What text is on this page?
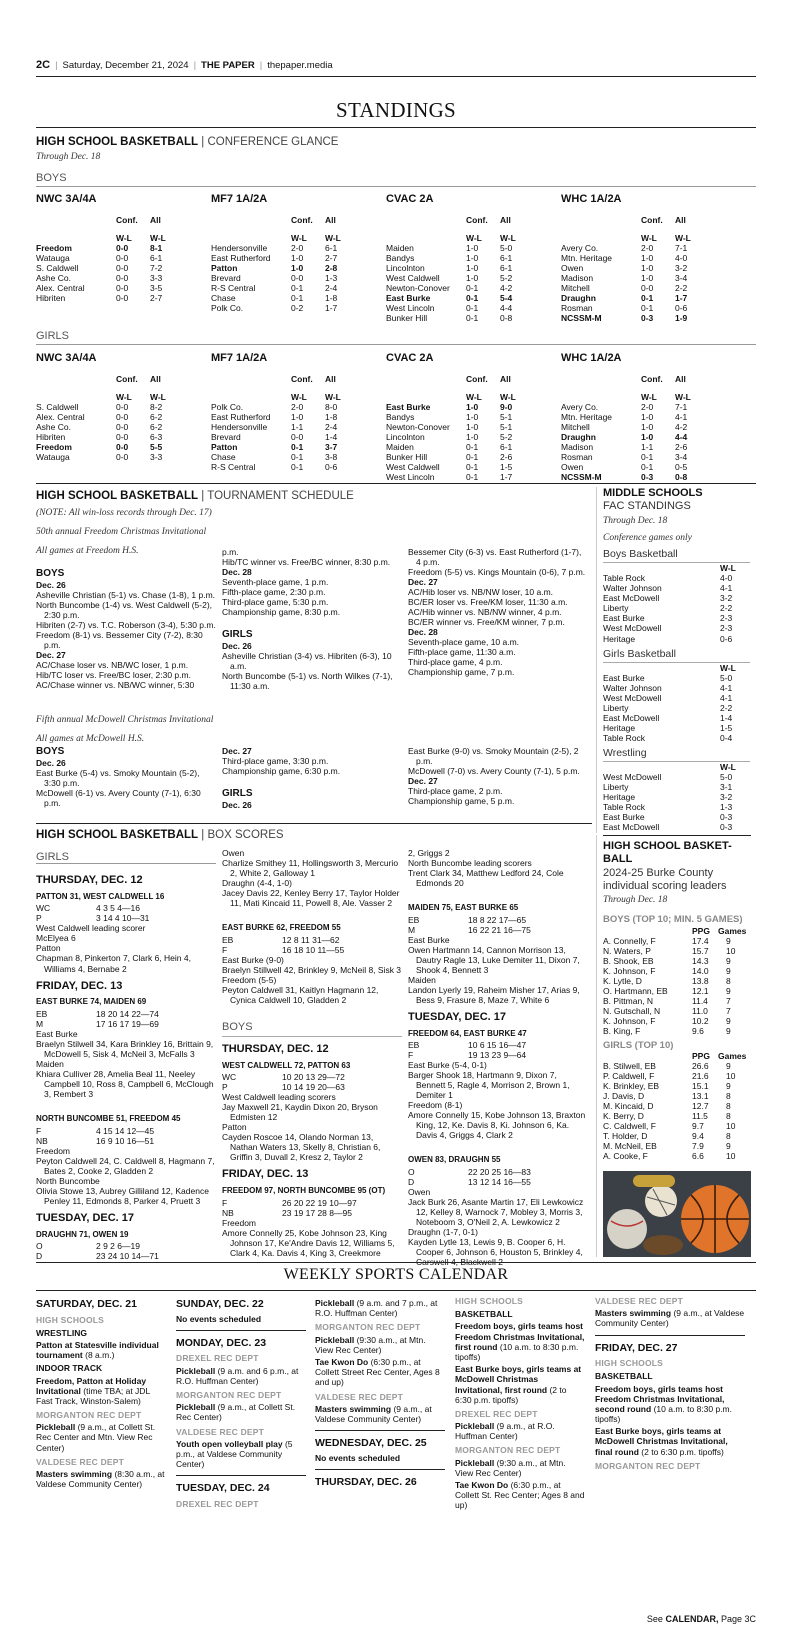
2C | Saturday, December 21, 2024 | THE PAPER | thepaper.media
STANDINGS
HIGH SCHOOL BASKETBALL | CONFERENCE GLANCE
Through Dec. 18
BOYS
NWC 3A/4A
Conf. All
	W-L	W-L
Freedom	0-0	8-1
Watauga	0-0	6-1
S. Caldwell	0-0	7-2
Ashe Co.	0-0	3-3
Alex. Central	0-0	3-5
Hibriten	0-0	2-7
MF7 1A/2A
Conf. All
	W-L	W-L
Hendersonville	2-0	6-1
East Rutherford	1-0	2-7
Patton	1-0	2-8
Brevard	0-0	1-3
R-S Central	0-1	2-4
Chase	0-1	1-8
Polk Co.	0-2	1-7
CVAC 2A
Conf. All
	W-L	W-L
Maiden	1-0	5-0
Bandys	1-0	6-1
Lincolnton	1-0	6-1
West Caldwell	1-0	5-2
Newton-Conover	0-1	4-2
East Burke	0-1	5-4
West Lincoln	0-1	4-4
Bunker Hill	0-1	0-8
WHC 1A/2A
Conf. All
	W-L	W-L
Avery Co.	2-0	7-1
Mtn. Heritage	1-0	4-0
Owen	1-0	3-2
Madison	1-0	3-4
Mitchell	0-0	2-2
Draughn	0-1	1-7
Rosman	0-1	0-6
NCSSM-M	0-3	1-9
GIRLS
NWC 3A/4A
Conf. All
	W-L	W-L
S. Caldwell	0-0	8-2
Alex. Central	0-0	6-2
Ashe Co.	0-0	6-2
Hibriten	0-0	6-3
Freedom	0-0	5-5
Watauga	0-0	3-3
MF7 1A/2A
Conf. All
	W-L	W-L
Polk Co.	2-0	8-0
East Rutherford	1-0	1-8
Hendersonville	1-1	2-4
Brevard	0-0	1-4
Patton	0-1	3-7
Chase	0-1	3-8
R-S Central	0-1	0-6
CVAC 2A
Conf. All
	W-L	W-L
East Burke	1-0	9-0
Bandys	1-0	5-1
Newton-Conover	1-0	5-1
Lincolnton	1-0	5-2
Maiden	0-1	6-1
Bunker Hill	0-1	2-6
West Caldwell	0-1	1-5
West Lincoln	0-1	1-7
WHC 1A/2A
Conf. All
	W-L	W-L
Avery Co.	2-0	7-1
Mtn. Heritage	1-0	4-1
Mitchell	1-0	4-2
Draughn	1-0	4-4
Madison	1-1	2-6
Rosman	0-1	3-4
Owen	0-1	0-5
NCSSM-M	0-3	0-8
HIGH SCHOOL BASKETBALL | TOURNAMENT SCHEDULE
(NOTE: All win-loss records through Dec. 17)
50th annual Freedom Christmas Invitational
All games at Freedom H.S.

BOYS

Dec. 26

Asheville Christian (5-1) vs. Chase (1-8), 1 p.m.

North Buncombe (1-4) vs. West Caldwell (5-2), 2:30 p.m.

Hibriten (2-7) vs. T.C. Roberson (3-4), 5:30 p.m.

Freedom (8-1) vs. Bessemer City (7-2), 8:30 p.m.

Dec. 27

AC/Chase loser vs. NB/WC loser, 1 p.m.

Hib/TC loser vs. Free/BC loser, 2:30 p.m.

AC/Chase winner vs. NB/WC winner, 5:30

p.m.

Hib/TC winner vs. Free/BC winner, 8:30 p.m.

Dec. 28

Seventh-place game, 1 p.m.

Fifth-place game, 2:30 p.m.

Third-place game, 5:30 p.m.

Championship game, 8:30 p.m.

GIRLS

Dec. 26

Asheville Christian (3-4) vs. Hibriten (6-3), 10 a.m.

North Buncombe (5-1) vs. North Wilkes (7-1), 11:30 a.m.

Bessemer City (6-3) vs. East Rutherford (1-7), 4 p.m.

Freedom (5-5) vs. Kings Mountain (0-6), 7 p.m.

Dec. 27

AC/Hib loser vs. NB/NW loser, 10 a.m.

BC/ER loser vs. Free/KM loser, 11:30 a.m.

AC/Hib winner vs. NB/NW winner, 4 p.m.

BC/ER winner vs. Free/KM winner, 7 p.m.

Dec. 28

Seventh-place game, 10 a.m.

Fifth-place game, 11:30 a.m.

Third-place game, 4 p.m.

Championship game, 7 p.m.

Fifth annual McDowell Christmas Invitational
All games at McDowell H.S.

BOYS

Dec. 26

East Burke (5-4) vs. Smoky Mountain (5-2), 3:30 p.m.

McDowell (6-1) vs. Avery County (7-1), 6:30 p.m.

Dec. 27

Third-place game, 3:30 p.m.

Championship game, 6:30 p.m.

GIRLS

Dec. 26

East Burke (9-0) vs. Smoky Mountain (2-5), 2 p.m.

McDowell (7-0) vs. Avery County (7-1), 5 p.m.

Dec. 27

Third-place game, 2 p.m.

Championship game, 5 p.m.

HIGH SCHOOL BASKETBALL | BOX SCORES
GIRLS

THURSDAY, DEC. 12

PATTON 31, WEST CALDWELL 16

WC	4 3 5 4—16
P	3 14 4 10—31

West Caldwell leading scorer

McElyea 6

Patton

Chapman 8, Pinkerton 7, Clark 6, Hein 4, Williams 4, Bernabe 2

FRIDAY, DEC. 13

EAST BURKE 74, MAIDEN 69

EB	18 20 14 22—74
M	17 16 17 19—69

East Burke

Braelyn Stilwell 34, Kara Brinkley 16, Brittain 9, McDowell 5, Sisk 4, McNeil 3, McFalls 3

Maiden

Khiara Culliver 28, Amelia Beal 11, Neeley Campbell 10, Ross 8, Campbell 6, McClough 3, Rembert 3

NORTH BUNCOMBE 51, FREEDOM 45

F	4 15 14 12—45
NB	16 9 10 16—51

Freedom

Peyton Caldwell 24, C. Caldwell 8, Hagmann 7, Bates 2, Cooke 2, Gladden 2

North Buncombe

Olivia Stowe 13, Aubrey Gilliland 12, Kadence Penley 11, Edmonds 8, Parker 4, Pruett 3

TUESDAY, DEC. 17

DRAUGHN 71, OWEN 19

O	2 9 2 6—19
D	23 24 10 14—71

Owen

Charlize Smithey 11, Hollingsworth 3, Mercurio 2, White 2, Galloway 1

Draughn (4-4, 1-0)

Jacey Davis 22, Kenley Berry 17, Taylor Holder 11, Mati Kincaid 11, Powell 8, Ale. Vasser 2

EAST BURKE 62, FREEDOM 55

EB	12 8 11 31—62
F	16 18 10 11—55

East Burke (9-0)

Braelyn Stillwell 42, Brinkley 9, McNeil 8, Sisk 3

Freedom (5-5)

Peyton Caldwell 31, Kaitlyn Hagmann 12, Cynica Caldwell 10, Gladden 2

BOYS

THURSDAY, DEC. 12

WEST CALDWELL 72, PATTON 63

WC	10 20 13 29—72
P	10 14 19 20—63

West Caldwell leading scorers

Jay Maxwell 21, Kaydin Dixon 20, Bryson Edmisten 12

Patton

Cayden Roscoe 14, Olando Norman 13, Nathan Waters 13, Skelly 8, Christian 6, Griffin 3, Duvall 2, Kresz 2, Taylor 2

FRIDAY, DEC. 13

FREEDOM 97, NORTH BUNCOMBE 95 (OT)

F	26 20 22 19 10—97
NB	23 19 17 28 8—95

Freedom

Amore Connelly 25, Kobe Johnson 23, King Johnson 17, Ke'Andre Davis 12, Williams 5, Clark 4, Ka. Davis 4, King 3, Creekmore

2, Griggs 2

North Buncombe leading scorers

Trent Clark 34, Matthew Ledford 24, Cole Edmonds 20

MAIDEN 75, EAST BURKE 65

EB	18 8 22 17—65
M	16 22 21 16—75

East Burke

Owen Hartmann 14, Cannon Morrison 13, Dautry Ragle 13, Luke Demiter 11, Dixon 7, Shook 4, Bennett 3

Maiden

Landon Lyerly 19, Raheim Misher 17, Arias 9, Bess 9, Frasure 8, Maze 7, White 6

TUESDAY, DEC. 17

FREEDOM 64, EAST BURKE 47

EB	10 6 15 16—47
F	19 13 23 9—64

East Burke (5-4, 0-1)

Barger Shook 18, Hartmann 9, Dixon 7, Bennett 5, Ragle 4, Morrison 2, Brown 1, Demiter 1

Freedom (8-1)

Amore Connelly 15, Kobe Johnson 13, Braxton King, 12, Ke. Davis 8, Ki. Johnson 6, Ka. Davis 4, Griggs 4, Clark 2

OWEN 83, DRAUGHN 55

O	22 20 25 16—83
D	13 12 14 16—55

Owen

Jack Burk 26, Asante Martin 17, Eli Lewkowicz 12, Kelley 8, Warnock 7, Mobley 3, Morris 3, Noteboom 3, O'Neil 2, A. Lewkowicz 2

Draughn (1-7, 0-1)

Kayden Lytle 13, Lewis 9, B. Cooper 6, H. Cooper 6, Johnson 6, Houston 5, Brinkley 4, Carswell 4, Blackwell 2

MIDDLE SCHOOLS
FAC STANDINGS
Through Dec. 18
Conference games only
Boys Basketball
	W-L
Table Rock	4-0
Walter Johnson	4-1
East McDowell	3-2
Liberty	2-2
East Burke	2-3
West McDowell	2-3
Heritage	0-6
Girls Basketball
	W-L
East Burke	5-0
Walter Johnson	4-1
West McDowell	4-1
Liberty	2-2
East McDowell	1-4
Heritage	1-5
Table Rock	0-4
Wrestling
	W-L
West McDowell	5-0
Liberty	3-1
Heritage	3-2
Table Rock	1-3
East Burke	0-3
East McDowell	0-3
HIGH SCHOOL BASKET-BALL
2024-25 Burke County individual scoring leaders
Through Dec. 18
BOYS (TOP 10; MIN. 5 GAMES)
	PPG	Games
A. Connelly, F	17.4	9
N. Waters, P	15.7	10
B. Shook, EB	14.3	9
K. Johnson, F	14.0	9
K. Lytle, D	13.8	8
O. Hartmann, EB	12.1	9
B. Pittman, N	11.4	7
N. Gutschall, N	11.0	7
K. Johnson, F	10.2	9
B. King, F	9.6	9
GIRLS (TOP 10)
	PPG	Games
B. Stilwell, EB	26.6	9
P. Caldwell, F	21.6	10
K. Brinkley, EB	15.1	9
J. Davis, D	13.1	8
M. Kincaid, D	12.7	8
K. Berry, D	11.5	8
C. Caldwell, F	9.7	10
T. Holder, D	9.4	8
M. McNeil, EB	7.9	9
A. Cooke, F	6.6	10
WEEKLY SPORTS CALENDAR
SATURDAY, DEC. 21
HIGH SCHOOLS
WRESTLING

Patton at Statesville individual tournament (8 a.m.)

INDOOR TRACK

Freedom, Patton at Holiday Invitational (time TBA; at JDL Fast Track, Winston-Salem)

MORGANTON REC DEPT

Pickleball (9 a.m., at Collett St. Rec Center and Mtn. View Rec Center)

VALDESE REC DEPT

Masters swimming (8:30 a.m., at Valdese Community Center)

SUNDAY, DEC. 22
No events scheduled
MONDAY, DEC. 23
DREXEL REC DEPT

Pickleball (9 a.m. and 6 p.m., at R.O. Huffman Center)

MORGANTON REC DEPT

Pickleball (9 a.m., at Collett St. Rec Center)

VALDESE REC DEPT

Youth open volleyball play (5 p.m., at Valdese Community Center)

TUESDAY, DEC. 24
DREXEL REC DEPT

Pickleball (9 a.m. and 7 p.m., at R.O. Huffman Center)

MORGANTON REC DEPT

Pickleball (9:30 a.m., at Mtn. View Rec Center)

Tae Kwon Do (6:30 p.m., at Collett Street Rec Center, Ages 8 and up)

VALDESE REC DEPT

Masters swimming (9 a.m., at Valdese Community Center)

WEDNESDAY, DEC. 25
No events scheduled
THURSDAY, DEC. 26
HIGH SCHOOLS
BASKETBALL

Freedom boys, girls teams host Freedom Christmas Invitational, first round (10 a.m. to 8:30 p.m. tipoffs)

East Burke boys, girls teams at McDowell Christmas Invitational, first round (2 to 6:30 p.m. tipoffs)

DREXEL REC DEPT

Pickleball (9 a.m., at R.O. Huffman Center)

MORGANTON REC DEPT

Pickleball (9:30 a.m., at Mtn. View Rec Center)

Tae Kwon Do (6:30 p.m., at Collett St. Rec Center; Ages 8 and up)

VALDESE REC DEPT

Masters swimming (9 a.m., at Valdese Community Center)

FRIDAY, DEC. 27
HIGH SCHOOLS
BASKETBALL

Freedom boys, girls teams host Freedom Christmas Invitational, second round (10 a.m. to 8:30 p.m. tipoffs)

East Burke boys, girls teams at McDowell Christmas Invitational, final round (2 to 6:30 p.m. tipoffs)

MORGANTON REC DEPT
See CALENDAR, Page 3C
